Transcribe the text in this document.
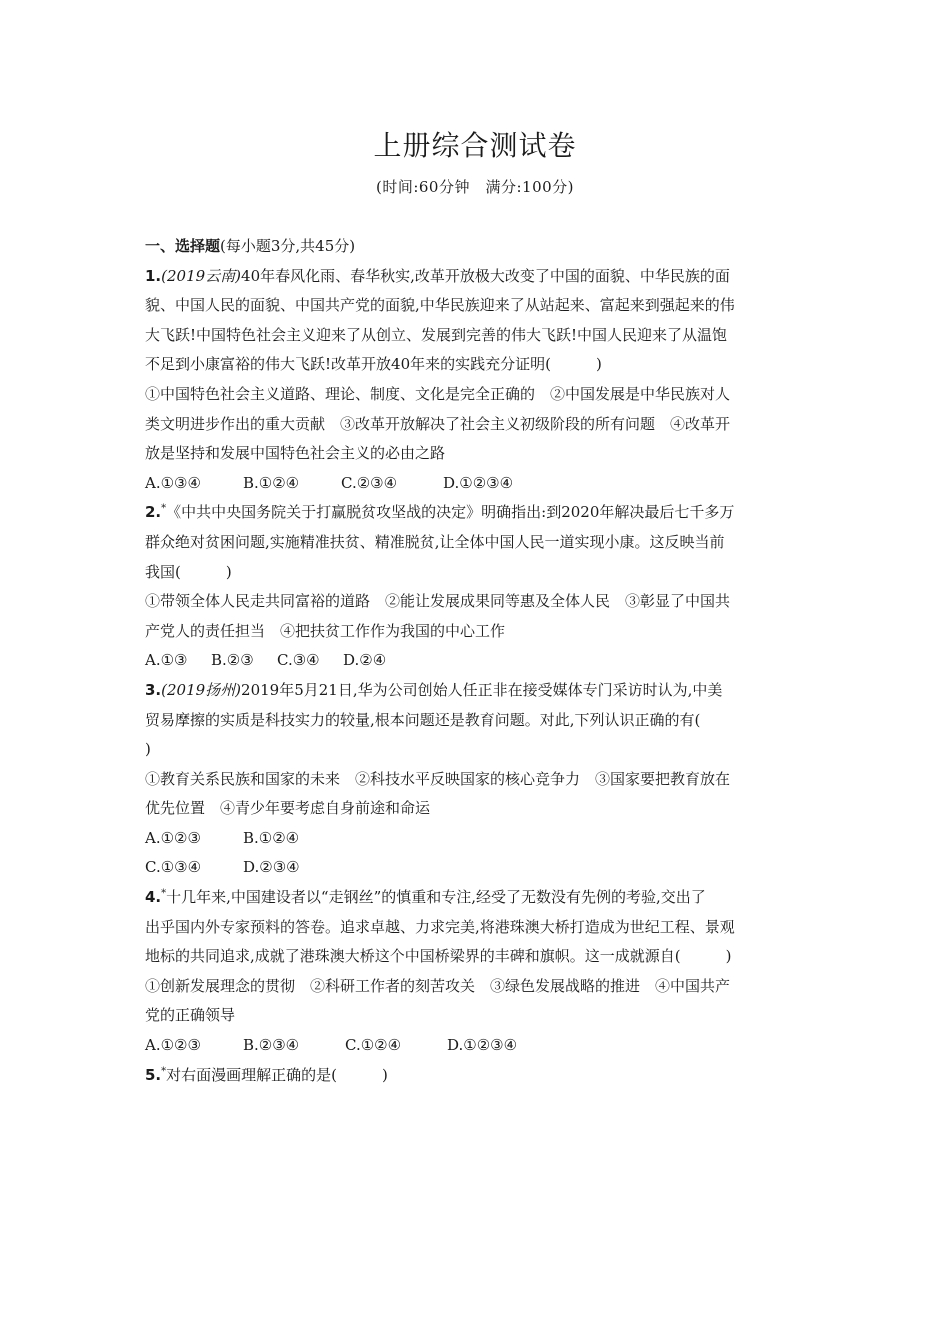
上册综合测试卷
(时间:60分钟　满分:100分)
一、选择题(每小题3分,共45分)
1.(2019云南)40年春风化雨、春华秋实,改革开放极大改变了中国的面貌、中华民族的面
貌、中国人民的面貌、中国共产党的面貌,中华民族迎来了从站起来、富起来到强起来的伟
大飞跃!中国特色社会主义迎来了从创立、发展到完善的伟大飞跃!中国人民迎来了从温饱
不足到小康富裕的伟大飞跃!改革开放40年来的实践充分证明(　　　)
①中国特色社会主义道路、理论、制度、文化是完全正确的　②中国发展是中华民族对人
类文明进步作出的重大贡献　③改革开放解决了社会主义初级阶段的所有问题　④改革开
放是坚持和发展中国特色社会主义的必由之路
A.①③④	B.①②④	C.②③④	D.①②③④
2.*《中共中央国务院关于打赢脱贫攻坚战的决定》明确指出:到2020年解决最后七千多万
群众绝对贫困问题,实施精准扶贫、精准脱贫,让全体中国人民一道实现小康。这反映当前
我国(　　　)
①带领全体人民走共同富裕的道路　②能让发展成果同等惠及全体人民　③彰显了中国共
产党人的责任担当　④把扶贫工作作为我国的中心工作
A.①③ B.②③ C.③④ D.②④
3.(2019扬州)2019年5月21日,华为公司创始人任正非在接受媒体专门采访时认为,中美
贸易摩擦的实质是科技实力的较量,根本问题还是教育问题。对此,下列认识正确的有(
)
①教育关系民族和国家的未来　②科技水平反映国家的核心竞争力　③国家要把教育放在
优先位置　④青少年要考虑自身前途和命运
A.①②③	B.①②④
C.①③④	D.②③④
4.*十几年来,中国建设者以“走钢丝”的慎重和专注,经受了无数没有先例的考验,交出了
出乎国内外专家预料的答卷。追求卓越、力求完美,将港珠澳大桥打造成为世纪工程、景观
地标的共同追求,成就了港珠澳大桥这个中国桥梁界的丰碑和旗帜。这一成就源自(　　　)
①创新发展理念的贯彻　②科研工作者的刻苦攻关　③绿色发展战略的推进　④中国共产
党的正确领导
A.①②③	B.②③④	C.①②④	D.①②③④
5.*对右面漫画理解正确的是(　　　)
